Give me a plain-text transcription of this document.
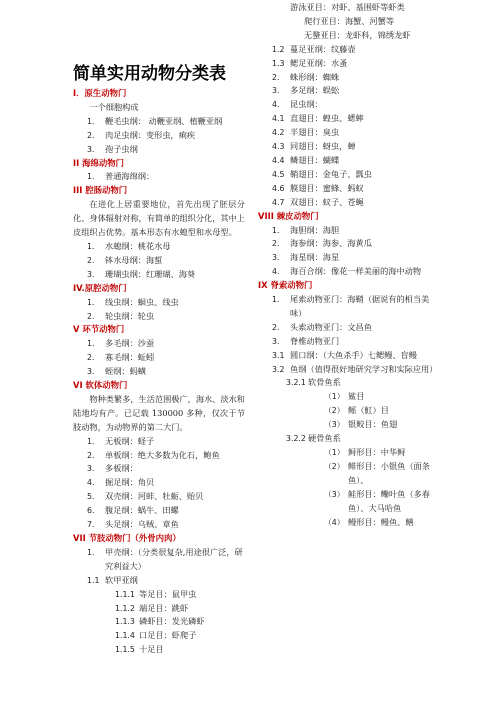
简单实用动物分类表
I．原生动物门
一个细胞构成
1.	鞭毛虫纲： 动鞭亚纲、植鞭亚纲
2.	肉足虫纲：变形虫，痢疾
3.	孢子虫纲
II 海绵动物门
1.	普通海绵纲：
III 腔肠动物门
在进化上居重要地位，首先出现了胚层分化、身体辐射对称，有简单的组织分化，其中上皮组织占优势。基本形态有水螅型和水母型。
1.	水螅纲：桃花水母
2.	钵水母纲：海蜇
3.	珊瑚虫纲：红珊瑚、海葵
IV.原腔动物门
1.	线虫纲：蛔虫、线虫
2.	轮虫纲：轮虫
V 环节动物门
1.	多毛纲：沙蚕
2.	寡毛纲：蚯蚓
3.	蛭纲：蚂蟥
VI 软体动物门
物种类繁多，生活范围极广，海水、淡水和陆地均有产。已记载 130000 多种，仅次于节肢动物，为动物界的第二大门。
1.	无板纲：蛏子
2.	单板纲：绝大多数为化石，鲍鱼
3.	多板纲：
4.	掘足纲：角贝
5.	双壳纲：河蚌、牡蛎、贻贝
6.	腹足纲：蜗牛、田螺
7.	头足纲：乌贼、章鱼
VII 节肢动物门（外骨内肉）
1.	甲壳纲：（分类很复杂,用途很广泛，研究利益大）
1.1 软甲亚纲
1.1.1 等足目：鼠甲虫
1.1.2 端足目：跳虾
1.1.3 磷虾目：发光磷虾
1.1.4 口足目：虾爬子
1.1.5 十足目
游泳亚目：对虾、基围虾等虾类
爬行亚目：海蟹、河蟹等
无螯亚目：龙虾科，锦绣龙虾
1.2 蔓足亚纲：纹藤壶
1.3 鳃足亚纲：水蚤
2.	蛛形纲：蜘蛛
3.	多足纲：蜈蚣
4.	昆虫纲：
4.1 直翅目：蝗虫、蟋蟀
4.2 半翅目：臭虫
4.3 同翅目：蚜虫，蝉
4.4 鳞翅目：蝴蝶
4.5 鞘翅目：金龟子、瓢虫
4.6 膜翅目：蜜蜂、蚂蚁
4.7 双翅目：蚊子、苍蝇
VIII 棘皮动物门
1.	海胆纲：海胆
2.	海参纲：海参、海黄瓜
3.	海星纲：海星
4.	海百合纲：像花一样美丽的海中动物
IX 脊索动物门
1.	尾索动物亚门：海鞘（据说有的相当美味）
2.	头索动物亚门：文昌鱼
3.	脊椎动物亚门
3.1 圆口纲：（大鱼杀手）七鳃鳗、盲鳗
3.2 鱼纲（值得很好地研究学习和实际应用）
3.2.1 软骨鱼系
（1） 鲨目
（2） 鳐（魟）目
（3） 银鲛目：鱼翅
3.2.2 硬骨鱼系
（1） 鲟形目：中华鲟
（2） 鲱形目：小银鱼（面条鱼）、
（3） 鲑形目：鳓叶鱼（多春鱼）、大马哈鱼
（4） 鳗形目：鳗鱼、鳝
